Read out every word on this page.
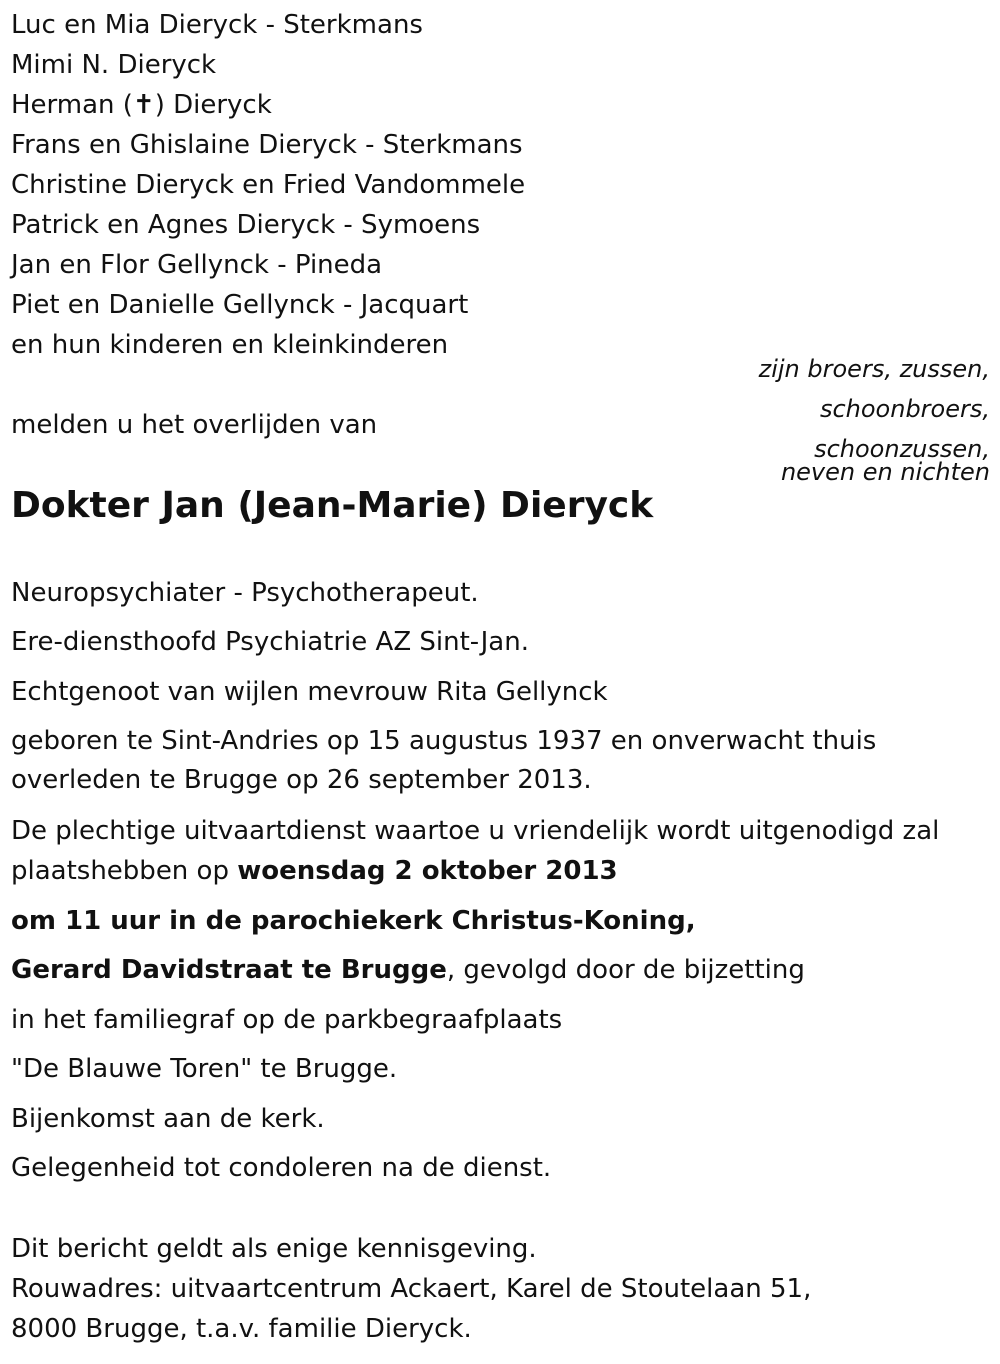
Luc en Mia Dieryck - Sterkmans

Mimi N. Dieryck

Herman (✝) Dieryck

Frans en Ghislaine Dieryck - Sterkmans

Christine Dieryck en Fried Vandommele

Patrick en Agnes Dieryck - Symoens

Jan en Flor Gellynck - Pineda

Piet en Danielle Gellynck - Jacquart

en hun kinderen en kleinkinderen

zijn broers, zussen,
schoonbroers,
schoonzussen,
neven en nichten

melden u het overlijden van

Dokter Jan (Jean-Marie) Dieryck

Neuropsychiater - Psychotherapeut.

Ere-diensthoofd Psychiatrie AZ Sint-Jan.

Echtgenoot van wijlen mevrouw Rita Gellynck

geboren te Sint-Andries op 15 augustus 1937 en onverwacht thuis

overleden te Brugge op 26 september 2013.

De plechtige uitvaartdienst waartoe u vriendelijk wordt uitgenodigd zal

plaatshebben op woensdag 2 oktober 2013

om 11 uur in de parochiekerk Christus-Koning,

Gerard Davidstraat te Brugge, gevolgd door de bijzetting

in het familiegraf op de parkbegraafplaats

"De Blauwe Toren" te Brugge.

Bijenkomst aan de kerk.

Gelegenheid tot condoleren na de dienst.

Dit bericht geldt als enige kennisgeving.

Rouwadres: uitvaartcentrum Ackaert, Karel de Stoutelaan 51,

8000 Brugge, t.a.v. familie Dieryck.
